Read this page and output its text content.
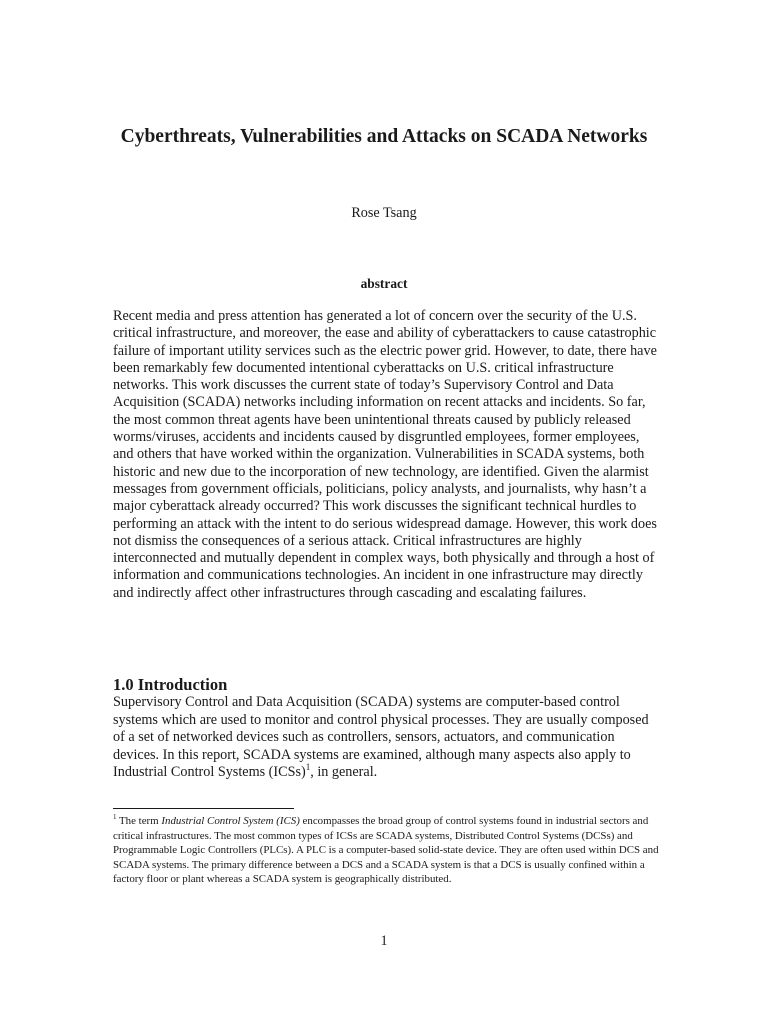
Cyberthreats, Vulnerabilities and Attacks on SCADA Networks
Rose Tsang
abstract

Recent media and press attention has generated a lot of concern over the security of the U.S. critical infrastructure, and moreover, the ease and ability of cyberattackers to cause catastrophic failure of important utility services such as the electric power grid. However, to date, there have been remarkably few documented intentional cyberattacks on U.S. critical infrastructure networks. This work discusses the current state of today’s Supervisory Control and Data Acquisition (SCADA) networks including information on recent attacks and incidents. So far, the most common threat agents have been unintentional threats caused by publicly released worms/viruses, accidents and incidents caused by disgruntled employees, former employees, and others that have worked within the organization. Vulnerabilities in SCADA systems, both historic and new due to the incorporation of new technology, are identified. Given the alarmist messages from government officials, politicians, policy analysts, and journalists, why hasn’t a major cyberattack already occurred? This work discusses the significant technical hurdles to performing an attack with the intent to do serious widespread damage. However, this work does not dismiss the consequences of a serious attack. Critical infrastructures are highly interconnected and mutually dependent in complex ways, both physically and through a host of information and communications technologies. An incident in one infrastructure may directly and indirectly affect other infrastructures through cascading and escalating failures.

1.0 Introduction

Supervisory Control and Data Acquisition (SCADA) systems are computer-based control systems which are used to monitor and control physical processes. They are usually composed of a set of networked devices such as controllers, sensors, actuators, and communication devices. In this report, SCADA systems are examined, although many aspects also apply to Industrial Control Systems (ICSs)$^1$, in general.

$^1$ The term Industrial Control System (ICS) encompasses the broad group of control systems found in industrial sectors and critical infrastructures. The most common types of ICSs are SCADA systems, Distributed Control Systems (DCSs) and Programmable Logic Controllers (PLCs). A PLC is a computer-based solid-state device. They are often used within DCS and SCADA systems. The primary difference between a DCS and a SCADA system is that a DCS is usually confined within a factory floor or plant whereas a SCADA system is geographically distributed.

1
